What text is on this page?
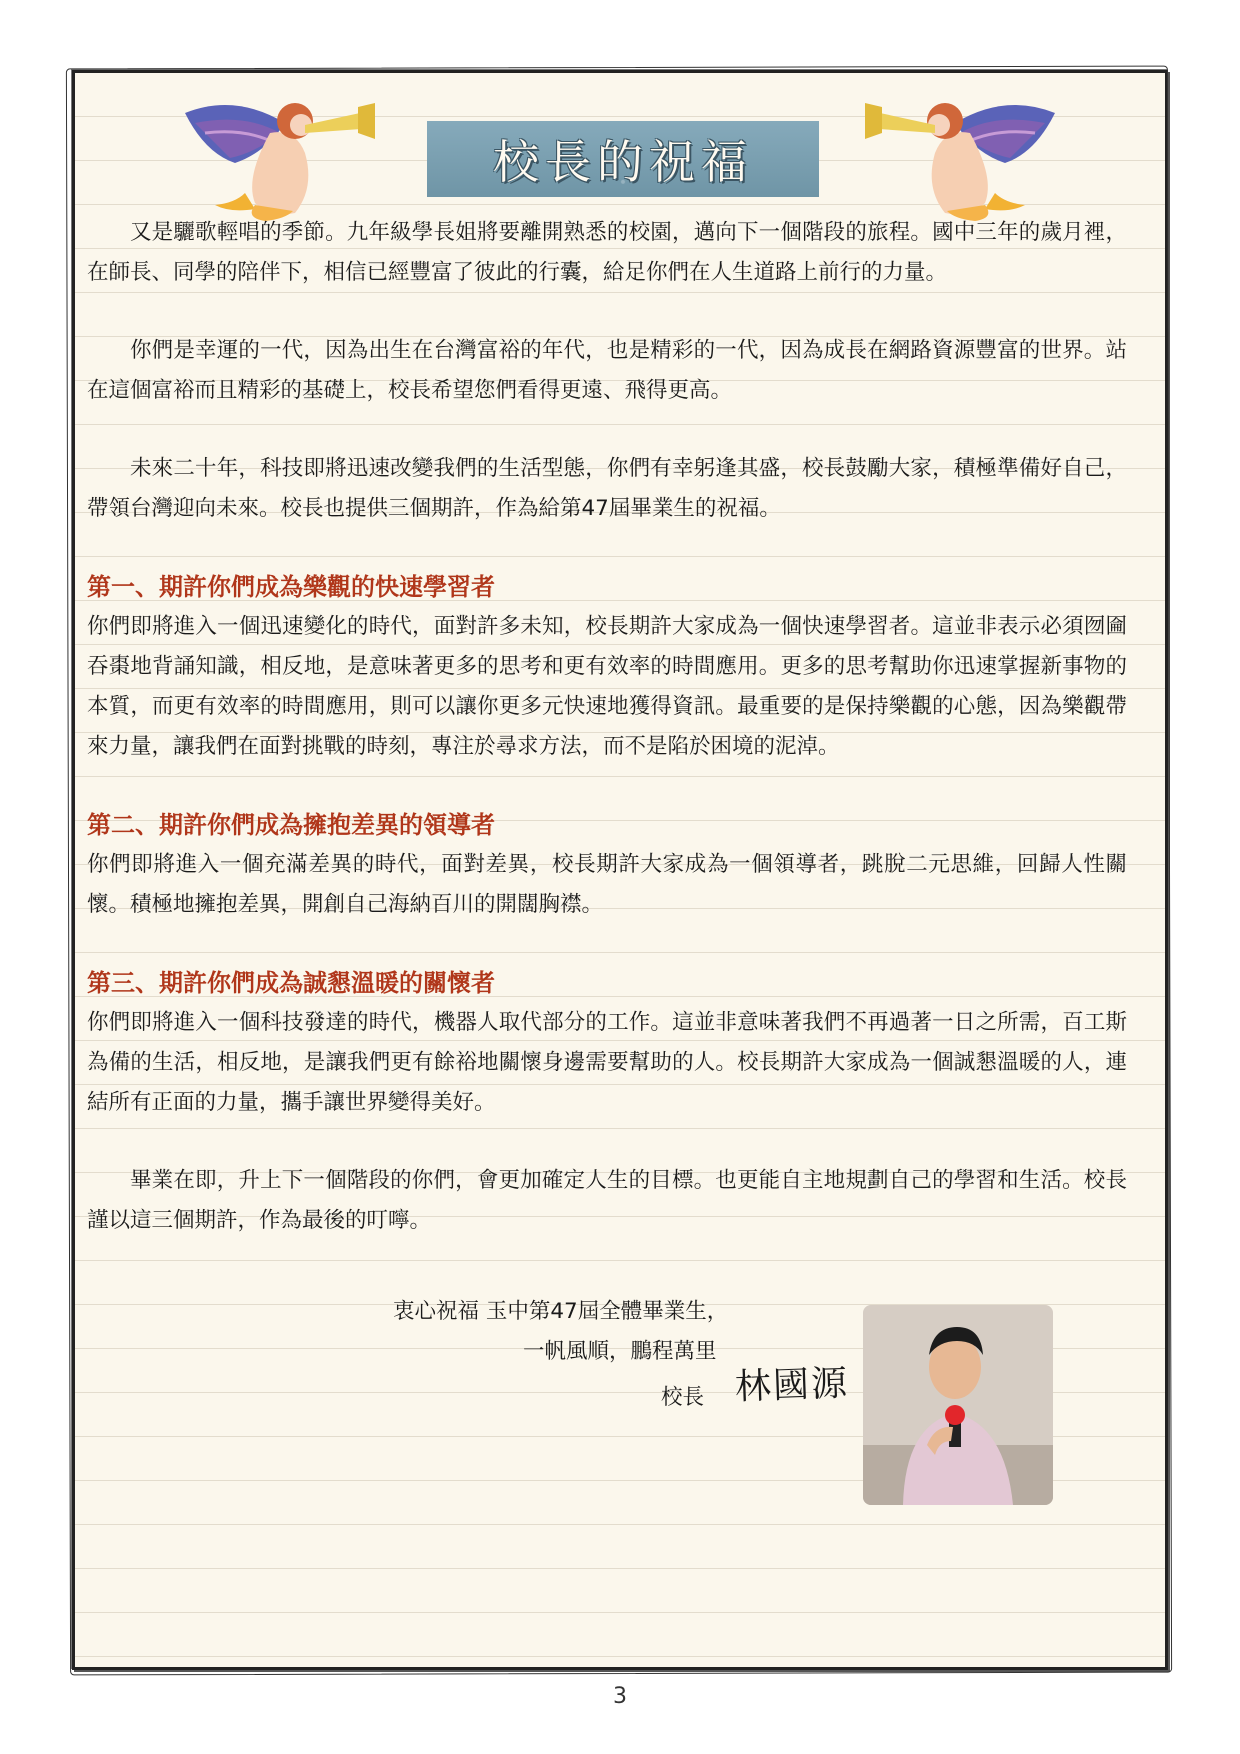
校長的祝福

又是驪歌輕唱的季節。九年級學長姐將要離開熟悉的校園，邁向下一個階段的旅程。國中三年的歲月裡，在師長、同學的陪伴下，相信已經豐富了彼此的行囊，給足你們在人生道路上前行的力量。

你們是幸運的一代，因為出生在台灣富裕的年代，也是精彩的一代，因為成長在網路資源豐富的世界。站在這個富裕而且精彩的基礎上，校長希望您們看得更遠、飛得更高。

未來二十年，科技即將迅速改變我們的生活型態，你們有幸躬逢其盛，校長鼓勵大家，積極準備好自己，帶領台灣迎向未來。校長也提供三個期許，作為給第47屆畢業生的祝福。

第一、期許你們成為樂觀的快速學習者

你們即將進入一個迅速變化的時代，面對許多未知，校長期許大家成為一個快速學習者。這並非表示必須囫圇吞棗地背誦知識，相反地，是意味著更多的思考和更有效率的時間應用。更多的思考幫助你迅速掌握新事物的本質，而更有效率的時間應用，則可以讓你更多元快速地獲得資訊。最重要的是保持樂觀的心態，因為樂觀帶來力量，讓我們在面對挑戰的時刻，專注於尋求方法，而不是陷於困境的泥淖。

第二、期許你們成為擁抱差異的領導者

你們即將進入一個充滿差異的時代，面對差異，校長期許大家成為一個領導者，跳脫二元思維，回歸人性關懷。積極地擁抱差異，開創自己海納百川的開闊胸襟。

第三、期許你們成為誠懇溫暖的關懷者

你們即將進入一個科技發達的時代，機器人取代部分的工作。這並非意味著我們不再過著一日之所需，百工斯為備的生活，相反地，是讓我們更有餘裕地關懷身邊需要幫助的人。校長期許大家成為一個誠懇溫暖的人，連結所有正面的力量，攜手讓世界變得美好。

畢業在即，升上下一個階段的你們，會更加確定人生的目標。也更能自主地規劃自己的學習和生活。校長謹以這三個期許，作為最後的叮嚀。

衷心祝福 玉中第47屆全體畢業生，
一帆風順，鵬程萬里
校長 林國源
3
